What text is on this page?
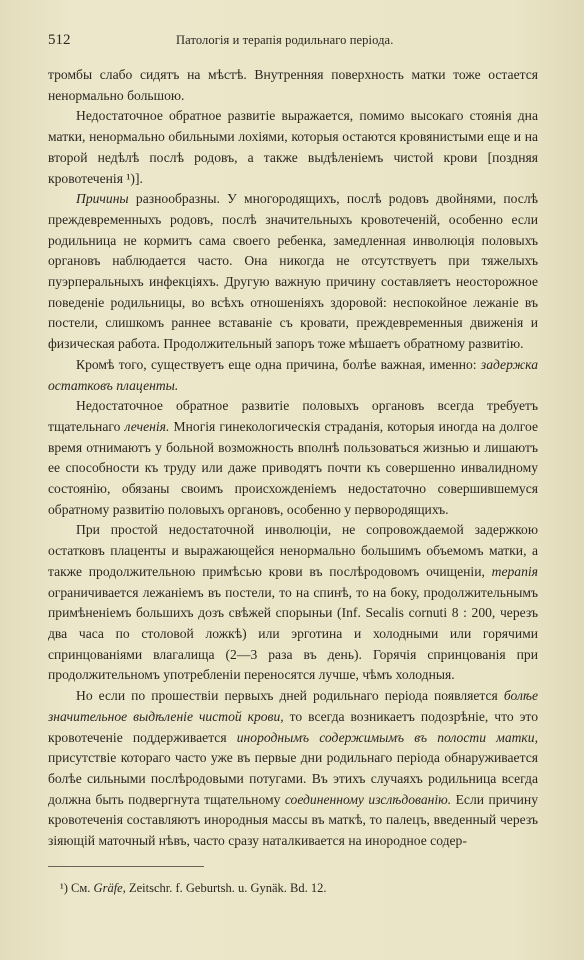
512	Патологія и терапія родильнаго періода.

тромбы слабо сидятъ на мѣстѣ. Внутренняя поверхность матки тоже остается ненормально большою.

Недостаточное обратное развитіе выражается, помимо высокаго стоянія дна матки, ненормально обильными лохіями, которыя остаются кровянистыми еще и на второй недѣлѣ послѣ родовъ, а также выдѣленіемъ чистой крови [поздняя кровотеченія ¹)].

Причины разнообразны. У многородящихъ, послѣ родовъ двойнями, послѣ преждевременныхъ родовъ, послѣ значительныхъ кровотеченій, особенно если родильница не кормитъ сама своего ребенка, замедленная инволюція половыхъ органовъ наблюдается часто. Она никогда не отсутствуетъ при тяжелыхъ пуэрперальныхъ инфекціяхъ. Другую важную причину составляетъ неосторожное поведеніе родильницы, во всѣхъ отношеніяхъ здоровой: неспокойное лежаніе въ постели, слишкомъ раннее вставаніе съ кровати, преждевременныя движенія и физическая работа. Продолжительный запоръ тоже мѣшаетъ обратному развитію.

Кромѣ того, существуетъ еще одна причина, болѣе важная, именно: задержка остатковъ плаценты.

Недостаточное обратное развитіе половыхъ органовъ всегда требуетъ тщательнаго леченія. Многія гинекологическія страданія, которыя иногда на долгое время отнимаютъ у больной возможность вполнѣ пользоваться жизнью и лишаютъ ее способности къ труду или даже приводятъ почти къ совершенно инвалидному состоянію, обязаны своимъ происхожденіемъ недостаточно совершившемуся обратному развитію половыхъ органовъ, особенно у первородящихъ.

При простой недостаточной инволюціи, не сопровождаемой задержкою остатковъ плаценты и выражающейся ненормально большимъ объемомъ матки, а также продолжительною примѣсью крови въ послѣродовомъ очищеніи, терапія ограничивается лежаніемъ въ постели, то на спинѣ, то на боку, продолжительнымъ примѣненіемъ большихъ дозъ свѣжей спорыньи (Inf. Secalis cornuti 8 : 200, черезъ два часа по столовой ложкѣ) или эрготина и холодными или горячими спринцованіями влагалища (2—3 раза въ день). Горячія спринцованія при продолжительномъ употребленіи переносятся лучше, чѣмъ холодныя.

Но если по прошествіи первыхъ дней родильнаго періода появляется болѣе значительное выдѣленіе чистой крови, то всегда возникаетъ подозрѣніе, что это кровотеченіе поддерживается инороднымъ содержимымъ въ полости матки, присутствіе котораго часто уже въ первые дни родильнаго періода обнаруживается болѣе сильными послѣродовыми потугами. Въ этихъ случаяхъ родильница всегда должна быть подвергнута тщательному соединенному изслѣдованію. Если причину кровотеченія составляютъ инородныя массы въ маткѣ, то палецъ, введенный черезъ зіяющій маточный нѣвъ, часто сразу наталкивается на инородное содер-

¹) См. Gräfe, Zeitschr. f. Geburtsh. u. Gynäk. Bd. 12.
